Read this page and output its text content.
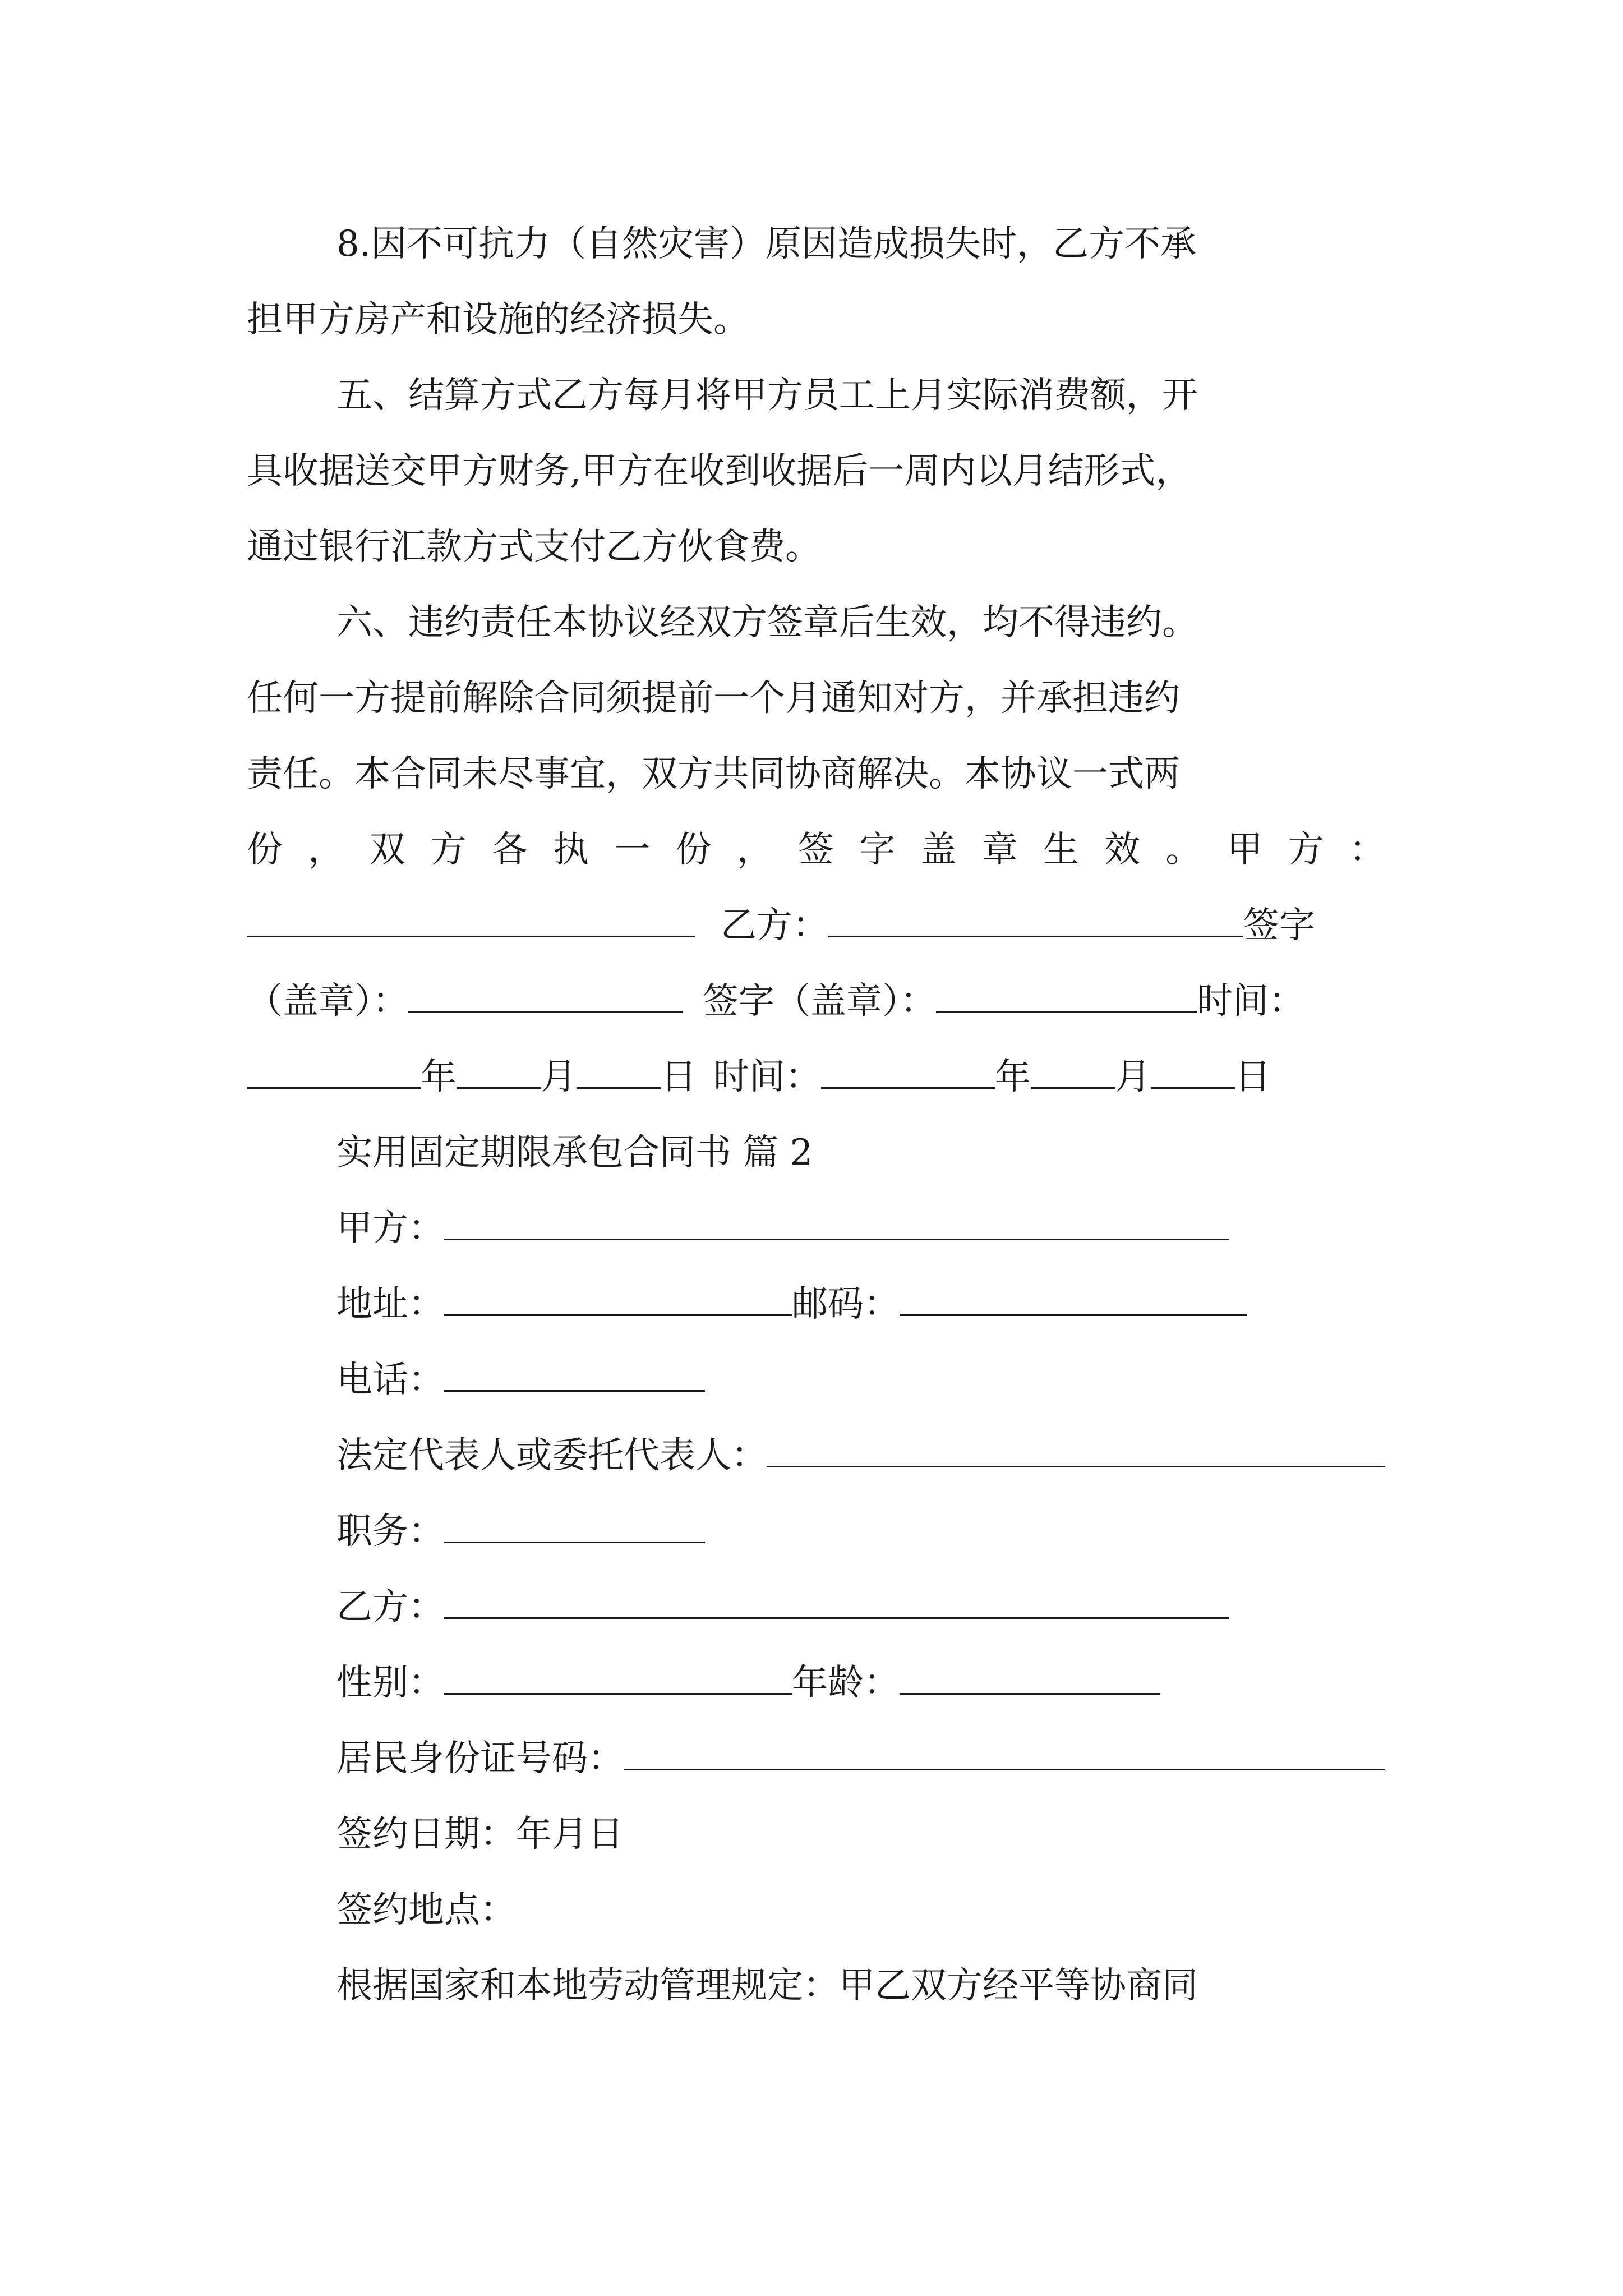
8.因不可抗力（自然灾害）原因造成损失时，乙方不承
担甲方房产和设施的经济损失。
五、结算方式乙方每月将甲方员工上月实际消费额，开
具收据送交甲方财务,甲方在收到收据后一周内以月结形式，
通过银行汇款方式支付乙方伙食费。
六、违约责任本协议经双方签章后生效，均不得违约。
任何一方提前解除合同须提前一个月通知对方，并承担违约
责任。本合同未尽事宜，双方共同协商解决。本协议一式两
份 ， 双 方 各 执 一 份 ， 签 字 盖 章 生 效 。 甲 方 ：
乙方：	签字
（盖章）：	签字（盖章）：	时间：
年 月 日 时间：	年 月 日
实用固定期限承包合同书 篇 2
甲方：
地址：	邮码：
电话：
法定代表人或委托代表人：
职务：
乙方：
性别：	年龄：
居民身份证号码：
签约日期：年月日
签约地点：
根据国家和本地劳动管理规定：甲乙双方经平等协商同
